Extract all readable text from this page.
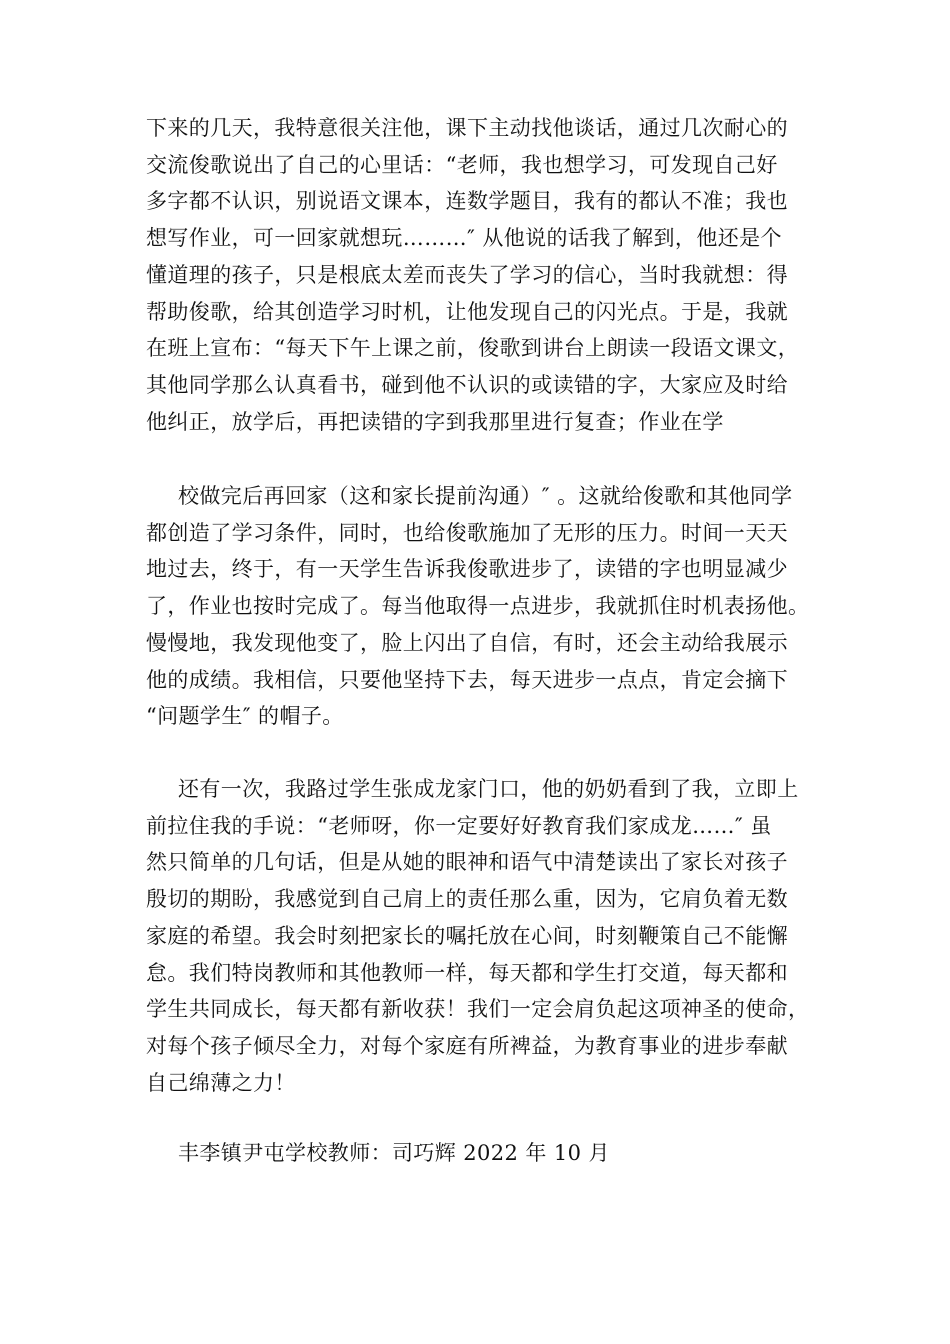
下来的几天，我特意很关注他，课下主动找他谈话，通过几次耐心的
交流俊歌说出了自己的心里话：“老师，我也想学习，可发现自己好
多字都不认识，别说语文课本，连数学题目，我有的都认不准；我也
想写作业，可一回家就想玩………″ 从他说的话我了解到，他还是个
懂道理的孩子，只是根底太差而丧失了学习的信心，当时我就想：得
帮助俊歌，给其创造学习时机，让他发现自己的闪光点。于是，我就
在班上宣布：“每天下午上课之前，俊歌到讲台上朗读一段语文课文，
其他同学那么认真看书，碰到他不认识的或读错的字，大家应及时给
他纠正，放学后，再把读错的字到我那里进行复查；作业在学
校做完后再回家（这和家长提前沟通）″ 。这就给俊歌和其他同学
都创造了学习条件，同时，也给俊歌施加了无形的压力。时间一天天
地过去，终于，有一天学生告诉我俊歌进步了，读错的字也明显减少
了，作业也按时完成了。每当他取得一点进步，我就抓住时机表扬他。
慢慢地，我发现他变了，脸上闪出了自信，有时，还会主动给我展示
他的成绩。我相信，只要他坚持下去，每天进步一点点，肯定会摘下
“问题学生″ 的帽子。
还有一次，我路过学生张成龙家门口，他的奶奶看到了我，立即上
前拉住我的手说：“老师呀，你一定要好好教育我们家成龙……″ 虽
然只简单的几句话，但是从她的眼神和语气中清楚读出了家长对孩子
殷切的期盼，我感觉到自己肩上的责任那么重，因为，它肩负着无数
家庭的希望。我会时刻把家长的嘱托放在心间，时刻鞭策自己不能懈
怠。我们特岗教师和其他教师一样，每天都和学生打交道，每天都和
学生共同成长，每天都有新收获！我们一定会肩负起这项神圣的使命，
对每个孩子倾尽全力，对每个家庭有所裨益，为教育事业的进步奉献
自己绵薄之力！
丰李镇尹屯学校教师：司巧辉 2022 年 10 月
